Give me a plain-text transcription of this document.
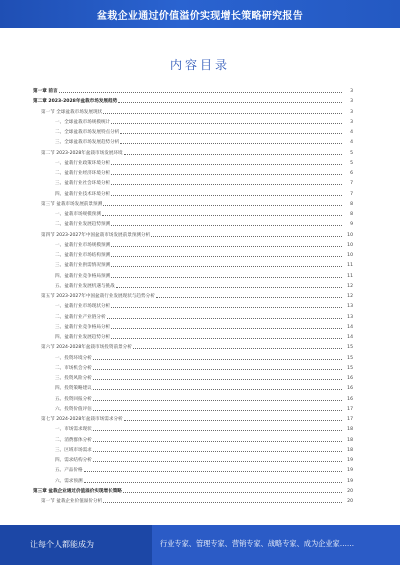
盆栽企业通过价值溢价实现增长策略研究报告
内容目录
第一章 前言	3
第二章 2023-2028年盆栽市场发展趋势	3
第一节 全球盆栽市场发展现状	3
一、全球盆栽市场规模统计	3
二、全球盆栽市场发展特点分析	4
三、全球盆栽市场发展趋势分析	4
第二节 2023-2028年盆栽市场发展环境	5
一、盆栽行业政策环境分析	5
二、盆栽行业经济环境分析	6
三、盆栽行业社会环境分析	7
四、盆栽行业技术环境分析	7
第三节 盆栽市场发展前景预测	8
一、盆栽市场规模预测	8
二、盆栽行业发展趋势预测	9
第四节 2023-2027年中国盆栽市场发展前景预测分析	10
一、盆栽行业市场规模预测	10
二、盆栽行业市场结构预测	10
三、盆栽行业供需情况预测	11
四、盆栽行业竞争格局预测	11
五、盆栽行业发展机遇与挑战	12
第五节 2023-2027年中国盆栽行业发展现状与趋势分析	12
一、盆栽行业市场现状分析	13
二、盆栽行业产业链分析	13
三、盆栽行业竞争格局分析	14
四、盆栽行业发展趋势分析	14
第六节 2024-2028年盆栽市场投资前景分析	15
一、投资环境分析	15
二、市场机会分析	15
三、投资风险分析	16
四、投资策略建议	16
五、投资回报分析	16
六、投资价值评估	17
第七节 2024-2028年盆栽市场需求分析	17
一、市场需求现状	18
二、消费群体分析	18
三、区域市场需求	18
四、需求结构分析	19
五、产品价格	19
六、需求预测	19
第三章 盆栽企业通过价值溢价实现增长策略	20
第一节 盆栽企业价值溢价分析	20
让每个人都能成为	行业专家、管理专家、营销专家、战略专家、成为企业家……
